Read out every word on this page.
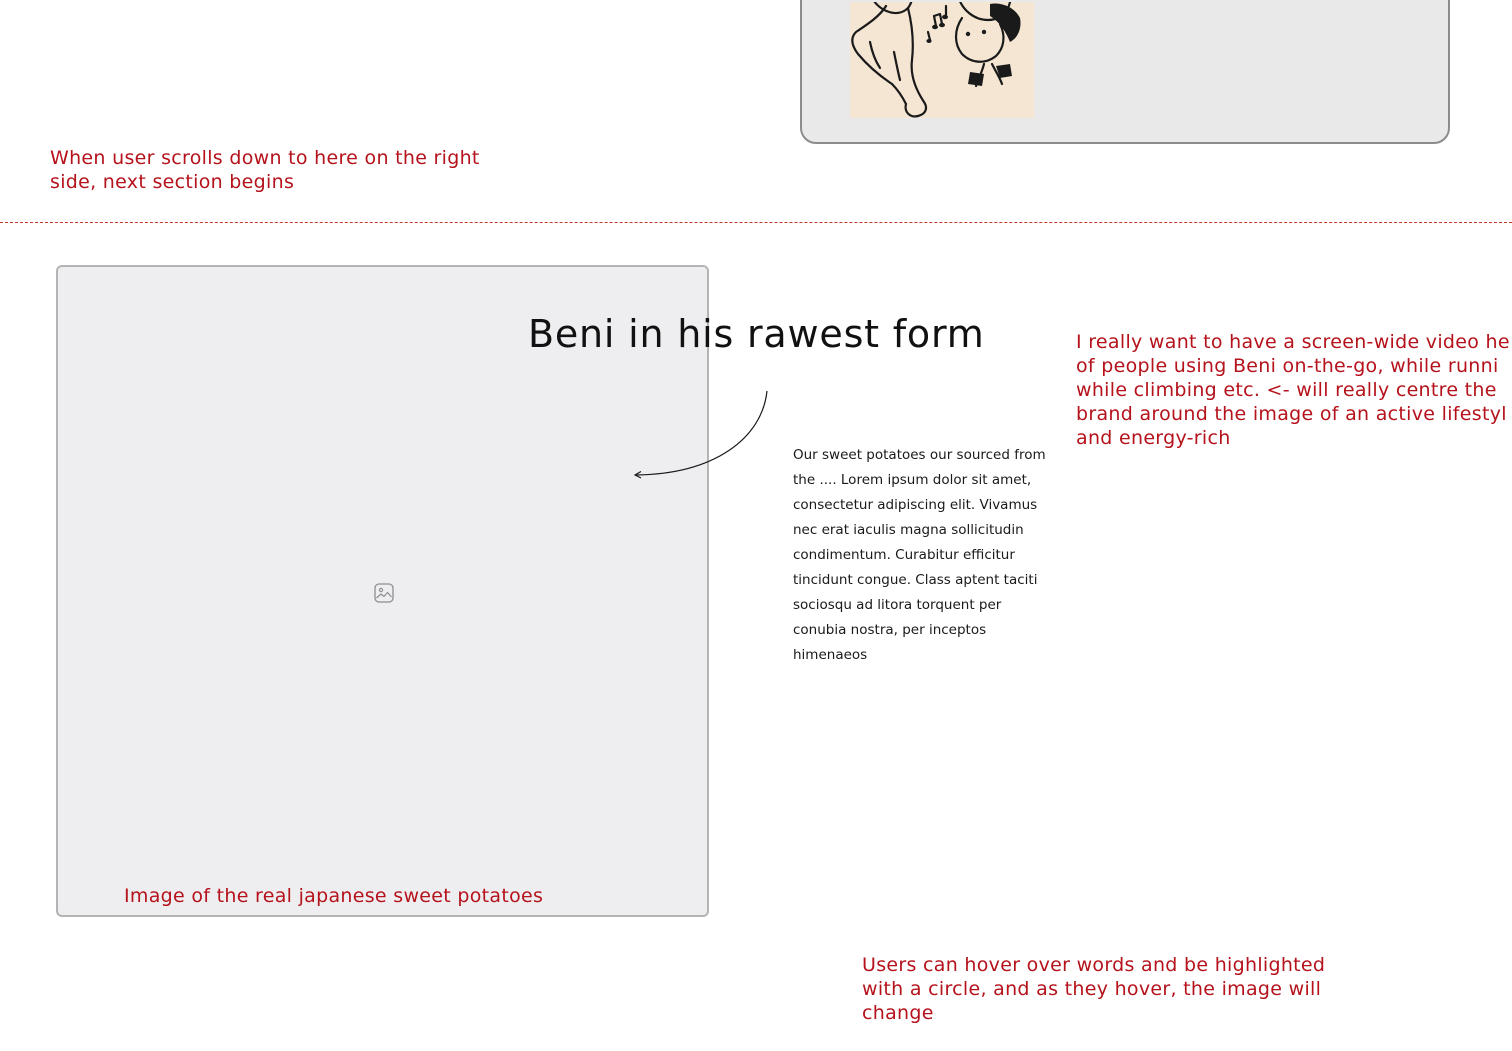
When user scrolls down to here on the right side, next section begins

Image of the real japanese sweet potatoes

Beni in his rawest form

Our sweet potatoes our sourced from the .... Lorem ipsum dolor sit amet, consectetur adipiscing elit. Vivamus nec erat iaculis magna sollicitudin condimentum. Curabitur efficitur tincidunt congue. Class aptent taciti sociosqu ad litora torquent per conubia nostra, per inceptos himenaeos

I really want to have a screen-wide video he
of people using Beni on-the-go, while runni
while climbing etc. <- will really centre the
brand around the image of an active lifestyl
and energy-rich

Users can hover over words and be highlighted with a circle, and as they hover, the image will change
